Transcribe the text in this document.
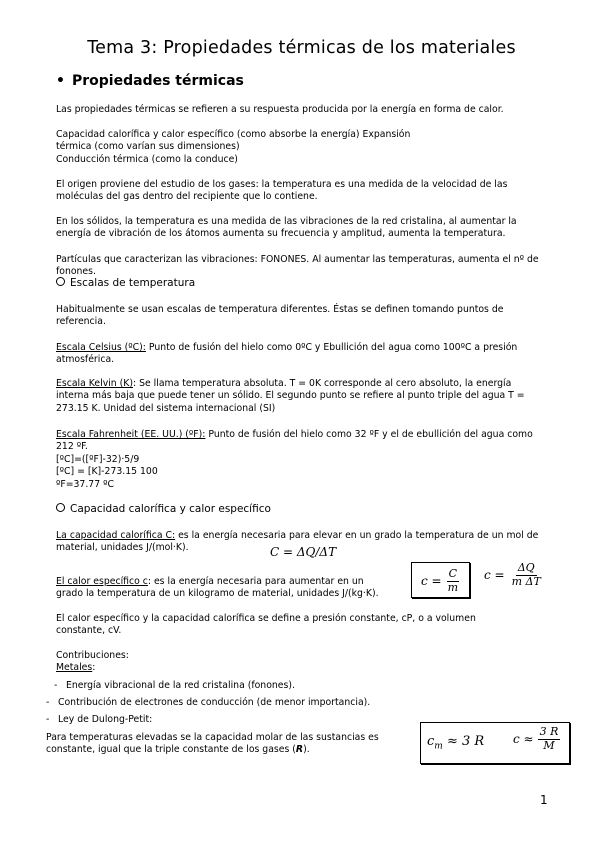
Tema 3: Propiedades térmicas de los materiales
• Propiedades térmicas
Las propiedades térmicas se refieren a su respuesta producida por la energía en forma de calor.
Capacidad calorífica y calor específico (como absorbe la energía) Expansión
térmica (como varían sus dimensiones)
Conducción térmica (como la conduce)
El origen proviene del estudio de los gases: la temperatura es una medida de la velocidad de las moléculas del gas dentro del recipiente que lo contiene.
En los sólidos, la temperatura es una medida de las vibraciones de la red cristalina, al aumentar la energía de vibración de los átomos aumenta su frecuencia y amplitud, aumenta la temperatura.
Partículas que caracterizan las vibraciones: FONONES. Al aumentar las temperaturas, aumenta el nº de fonones.
Escalas de temperatura
Habitualmente se usan escalas de temperatura diferentes. Éstas se definen tomando puntos de referencia.
Escala Celsius (ºC): Punto de fusión del hielo como 0ºC y Ebullición del agua como 100ºC a presión atmosférica.
Escala Kelvin (K): Se llama temperatura absoluta. T = 0K corresponde al cero absoluto, la energía interna más baja que puede tener un sólido. El segundo punto se refiere al punto triple del agua T = 273.15 K. Unidad del sistema internacional (SI)
Escala Fahrenheit (EE. UU.) (ºF): Punto de fusión del hielo como 32 ºF y el de ebullición del agua como 212 ºF.
[ºC]=([ºF]-32)·5/9
[ºC] = [K]-273.15 100
ºF=37.77 ºC
Capacidad calorífica y calor específico
La capacidad calorífica C: es la energía necesaria para elevar en un grado la temperatura de un mol de material, unidades J/(mol·K).	C = ΔQ/ΔT
El calor específico c: es la energía necesaria para aumentar en un grado la temperatura de un kilogramo de material, unidades J/(kg·K).
$c = \frac{C}{m}$ $c = \frac{\Delta Q}{\text{m ΔT}}$
El calor específico y la capacidad calorífica se define a presión constante, cP, o a volumen constante, cV.
Contribuciones:
Metales:
- Energía vibracional de la red cristalina (fonones).
- Contribución de electrones de conducción (de menor importancia).
- Ley de Dulong-Petit:
Para temperaturas elevadas se la capacidad molar de las sustancias es constante, igual que la triple constante de los gases (R).
$c_m \approx 3$ R $c \approx \frac{3 R}{M}$
1
